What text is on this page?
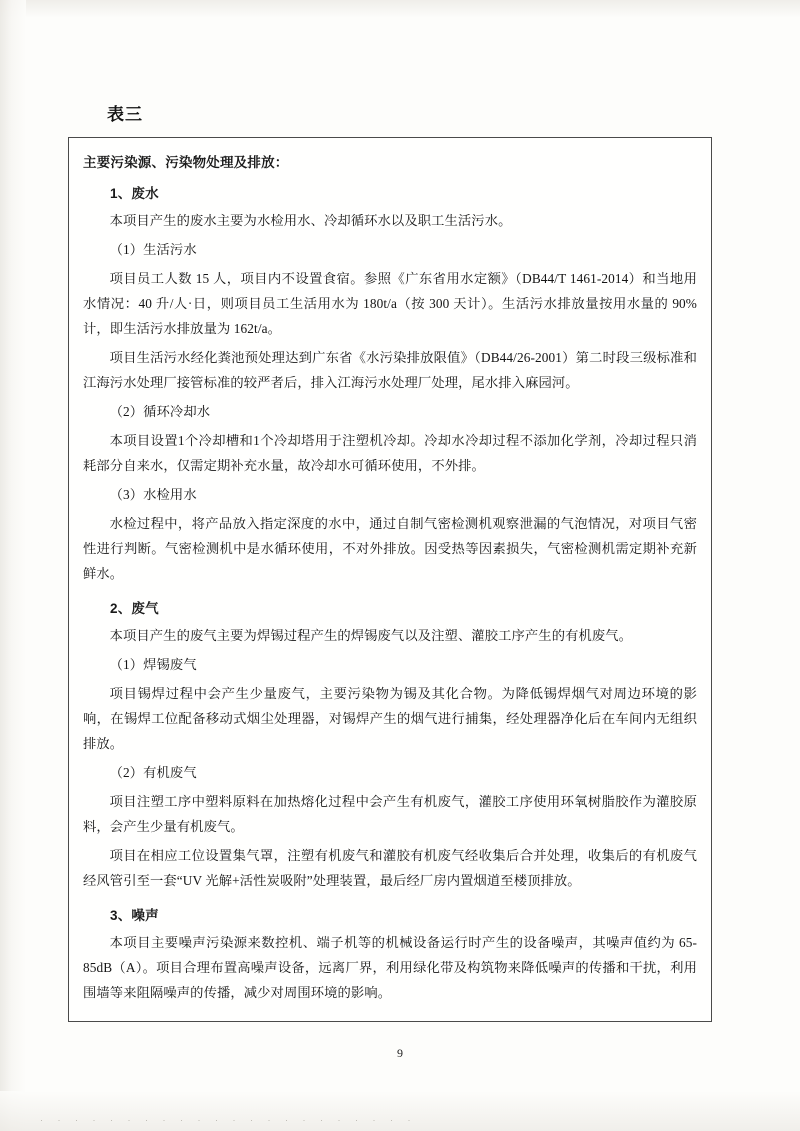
表三
主要污染源、污染物处理及排放：
1、废水

本项目产生的废水主要为水检用水、冷却循环水以及职工生活污水。

（1）生活污水

项目员工人数 15 人，项目内不设置食宿。参照《广东省用水定额》（DB44/T 1461-2014）和当地用水情况：40 升/人·日，则项目员工生活用水为 180t/a（按 300 天计）。生活污水排放量按用水量的 90%计，即生活污水排放量为 162t/a。

项目生活污水经化粪池预处理达到广东省《水污染排放限值》（DB44/26-2001）第二时段三级标准和江海污水处理厂接管标准的较严者后，排入江海污水处理厂处理，尾水排入麻园河。

（2）循环冷却水

本项目设置1个冷却槽和1个冷却塔用于注塑机冷却。冷却水冷却过程不添加化学剂，冷却过程只消耗部分自来水，仅需定期补充水量，故冷却水可循环使用，不外排。

（3）水检用水

水检过程中，将产品放入指定深度的水中，通过自制气密检测机观察泄漏的气泡情况，对项目气密性进行判断。气密检测机中是水循环使用，不对外排放。因受热等因素损失，气密检测机需定期补充新鲜水。

2、废气

本项目产生的废气主要为焊锡过程产生的焊锡废气以及注塑、灌胶工序产生的有机废气。

（1）焊锡废气

项目锡焊过程中会产生少量废气，主要污染物为锡及其化合物。为降低锡焊烟气对周边环境的影响，在锡焊工位配备移动式烟尘处理器，对锡焊产生的烟气进行捕集，经处理器净化后在车间内无组织排放。

（2）有机废气

项目注塑工序中塑料原料在加热熔化过程中会产生有机废气，灌胶工序使用环氧树脂胶作为灌胶原料，会产生少量有机废气。

项目在相应工位设置集气罩，注塑有机废气和灌胶有机废气经收集后合并处理，收集后的有机废气经风管引至一套“UV 光解+活性炭吸附”处理装置，最后经厂房内置烟道至楼顶排放。

3、噪声

本项目主要噪声污染源来数控机、端子机等的机械设备运行时产生的设备噪声，其噪声值约为 65-85dB（A）。项目合理布置高噪声设备，远离厂界，利用绿化带及构筑物来降低噪声的传播和干扰，利用围墙等来阻隔噪声的传播，减少对周围环境的影响。

9
· · · · · · · · · · · · · · · · · · · · · ·
